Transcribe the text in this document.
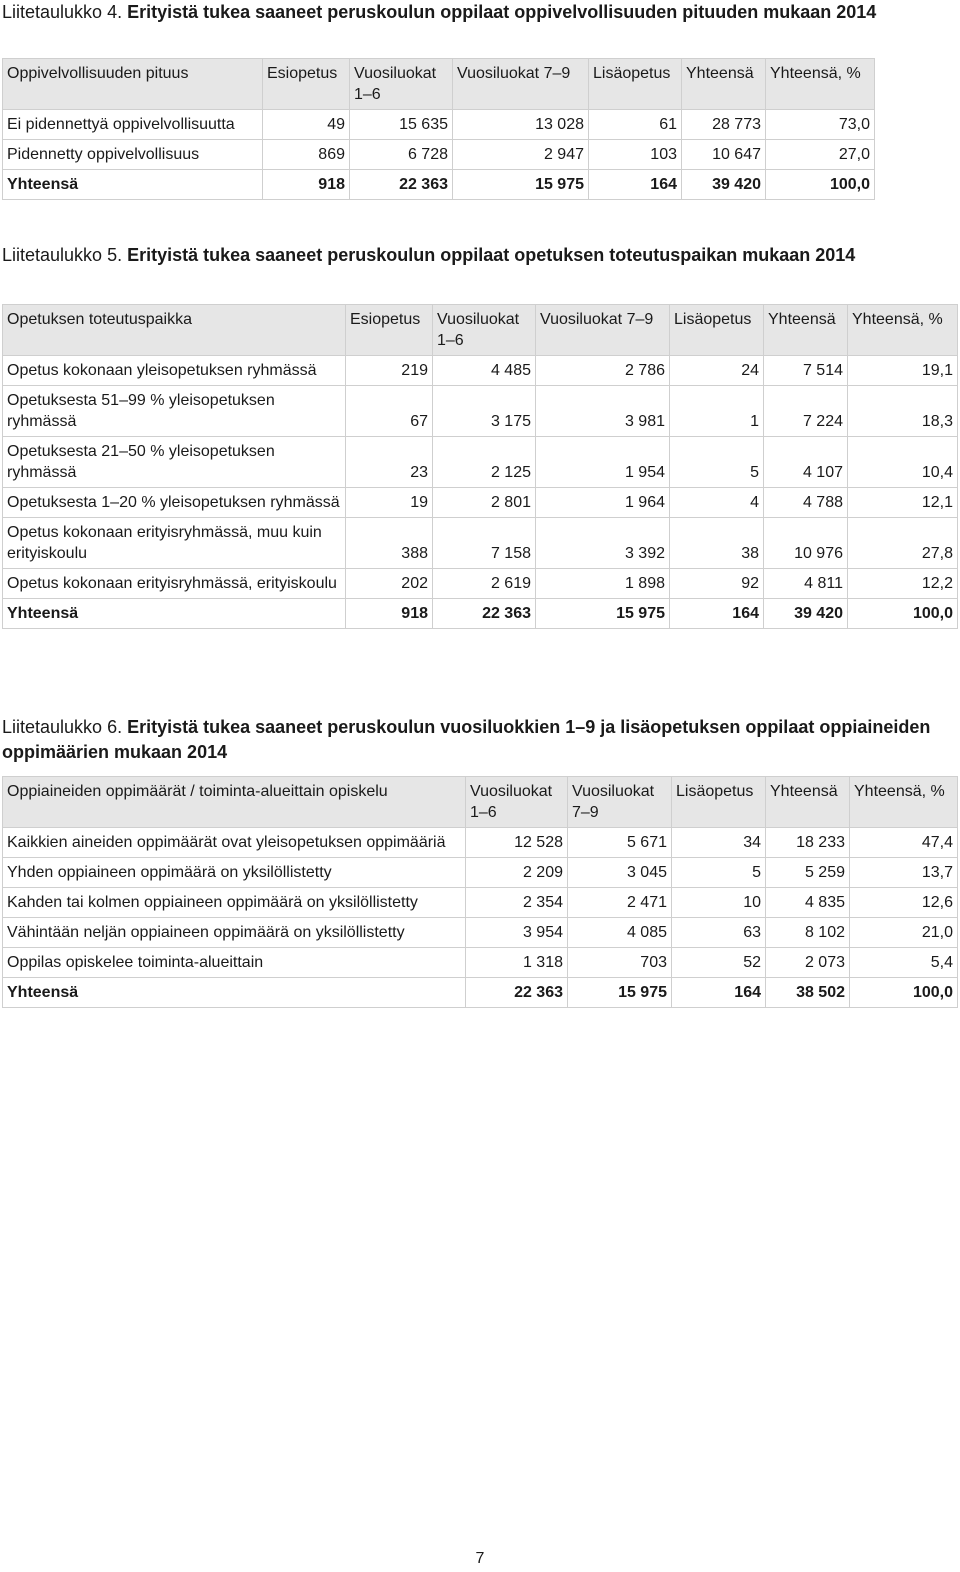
Liitetaulukko 4. Erityistä tukea saaneet peruskoulun oppilaat oppivelvollisuuden pituuden mukaan 2014
Oppivelvollisuuden pituus	Esiopetus	Vuosiluokat 1–6	Vuosiluokat 7–9	Lisäopetus	Yhteensä	Yhteensä, %
Ei pidennettyä oppivelvollisuutta	49	15 635	13 028	61	28 773	73,0
Pidennetty oppivelvollisuus	869	6 728	2 947	103	10 647	27,0
Yhteensä	918	22 363	15 975	164	39 420	100,0
Liitetaulukko 5. Erityistä tukea saaneet peruskoulun oppilaat opetuksen toteutuspaikan mukaan 2014
Opetuksen toteutuspaikka	Esiopetus	Vuosiluokat 1–6	Vuosiluokat 7–9	Lisäopetus	Yhteensä	Yhteensä, %
Opetus kokonaan yleisopetuksen ryhmässä	219	4 485	2 786	24	7 514	19,1
Opetuksesta 51–99 % yleisopetuksen ryhmässä	67	3 175	3 981	1	7 224	18,3
Opetuksesta 21–50 % yleisopetuksen ryhmässä	23	2 125	1 954	5	4 107	10,4
Opetuksesta 1–20 % yleisopetuksen ryhmässä	19	2 801	1 964	4	4 788	12,1
Opetus kokonaan erityisryhmässä, muu kuin erityiskoulu	388	7 158	3 392	38	10 976	27,8
Opetus kokonaan erityisryhmässä, erityiskoulu	202	2 619	1 898	92	4 811	12,2
Yhteensä	918	22 363	15 975	164	39 420	100,0
Liitetaulukko 6. Erityistä tukea saaneet peruskoulun vuosiluokkien 1–9 ja lisäopetuksen oppilaat oppiaineiden oppimäärien mukaan 2014
Oppiaineiden oppimäärät / toiminta-alueittain opiskelu	Vuosiluokat 1–6	Vuosiluokat 7–9	Lisäopetus	Yhteensä	Yhteensä, %
Kaikkien aineiden oppimäärät ovat yleisopetuksen oppimääriä	12 528	5 671	34	18 233	47,4
Yhden oppiaineen oppimäärä on yksilöllistetty	2 209	3 045	5	5 259	13,7
Kahden tai kolmen oppiaineen oppimäärä on yksilöllistetty	2 354	2 471	10	4 835	12,6
Vähintään neljän oppiaineen oppimäärä on yksilöllistetty	3 954	4 085	63	8 102	21,0
Oppilas opiskelee toiminta-alueittain	1 318	703	52	2 073	5,4
Yhteensä	22 363	15 975	164	38 502	100,0
7
